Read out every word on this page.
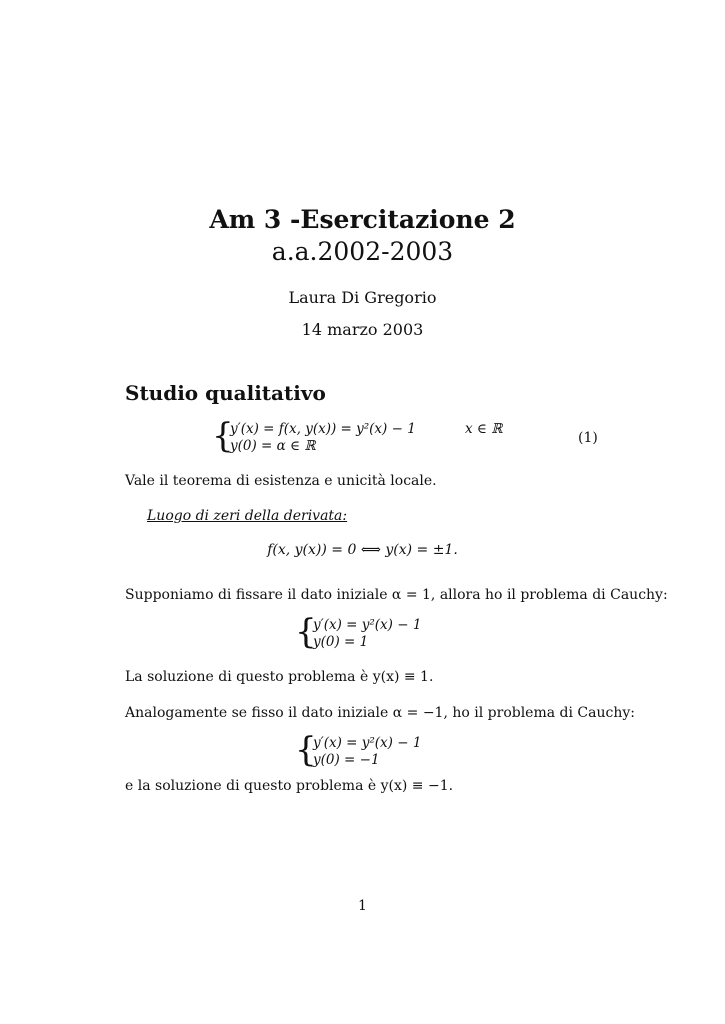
Am 3 -Esercitazione 2
a.a.2002-2003
Laura Di Gregorio
14 marzo 2003
Studio qualitativo
{
y′(x) = f(x, y(x)) = y²(x) − 1	x ∈ ℝ
y(0) = α ∈ ℝ	(1)
Vale il teorema di esistenza e unicità locale.
Luogo di zeri della derivata:
f(x, y(x)) = 0 ⟺ y(x) = ±1.
Supponiamo di fissare il dato iniziale α = 1, allora ho il problema di Cauchy:
{
y′(x) = y²(x) − 1
y(0) = 1
La soluzione di questo problema è y(x) ≡ 1.
Analogamente se fisso il dato iniziale α = −1, ho il problema di Cauchy:
{
y′(x) = y²(x) − 1
y(0) = −1
e la soluzione di questo problema è y(x) ≡ −1.
1
